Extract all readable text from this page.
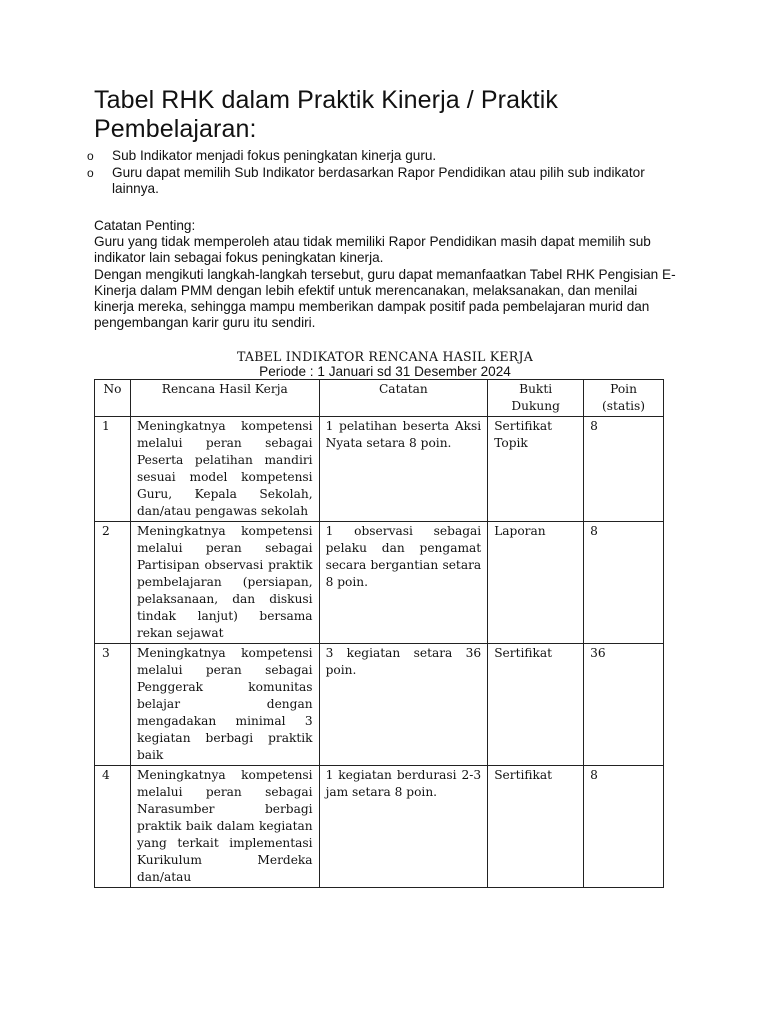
Tabel RHK dalam Praktik Kinerja / Praktik Pembelajaran:
o Sub Indikator menjadi fokus peningkatan kinerja guru.
o Guru dapat memilih Sub Indikator berdasarkan Rapor Pendidikan atau pilih sub indikator lainnya.

Catatan Penting:

Guru yang tidak memperoleh atau tidak memiliki Rapor Pendidikan masih dapat memilih sub indikator lain sebagai fokus peningkatan kinerja.

Dengan mengikuti langkah-langkah tersebut, guru dapat memanfaatkan Tabel RHK Pengisian E-Kinerja dalam PMM dengan lebih efektif untuk merencanakan, melaksanakan, dan menilai kinerja mereka, sehingga mampu memberikan dampak positif pada pembelajaran murid dan pengembangan karir guru itu sendiri.

TABEL INDIKATOR RENCANA HASIL KERJA
Periode : 1 Januari sd 31 Desember 2024
No	Rencana Hasil Kerja	Catatan	Bukti Dukung	Poin (statis)
1	Meningkatnya kompetensi melalui peran sebagai Peserta pelatihan mandiri sesuai model kompetensi Guru, Kepala Sekolah, dan/atau pengawas sekolah	1 pelatihan beserta Aksi Nyata setara 8 poin.	Sertifikat Topik	8
2	Meningkatnya kompetensi melalui peran sebagai Partisipan observasi praktik pembelajaran (persiapan, pelaksanaan, dan diskusi tindak lanjut) bersama rekan sejawat	1 observasi sebagai pelaku dan pengamat secara bergantian setara 8 poin.	Laporan	8
3	Meningkatnya kompetensi melalui peran sebagai Penggerak komunitas belajar dengan mengadakan minimal 3 kegiatan berbagi praktik baik	3 kegiatan setara 36 poin.	Sertifikat	36
4	Meningkatnya kompetensi melalui peran sebagai Narasumber berbagi praktik baik dalam kegiatan yang terkait implementasi Kurikulum Merdeka dan/atau	1 kegiatan berdurasi 2-3 jam setara 8 poin.	Sertifikat	8
